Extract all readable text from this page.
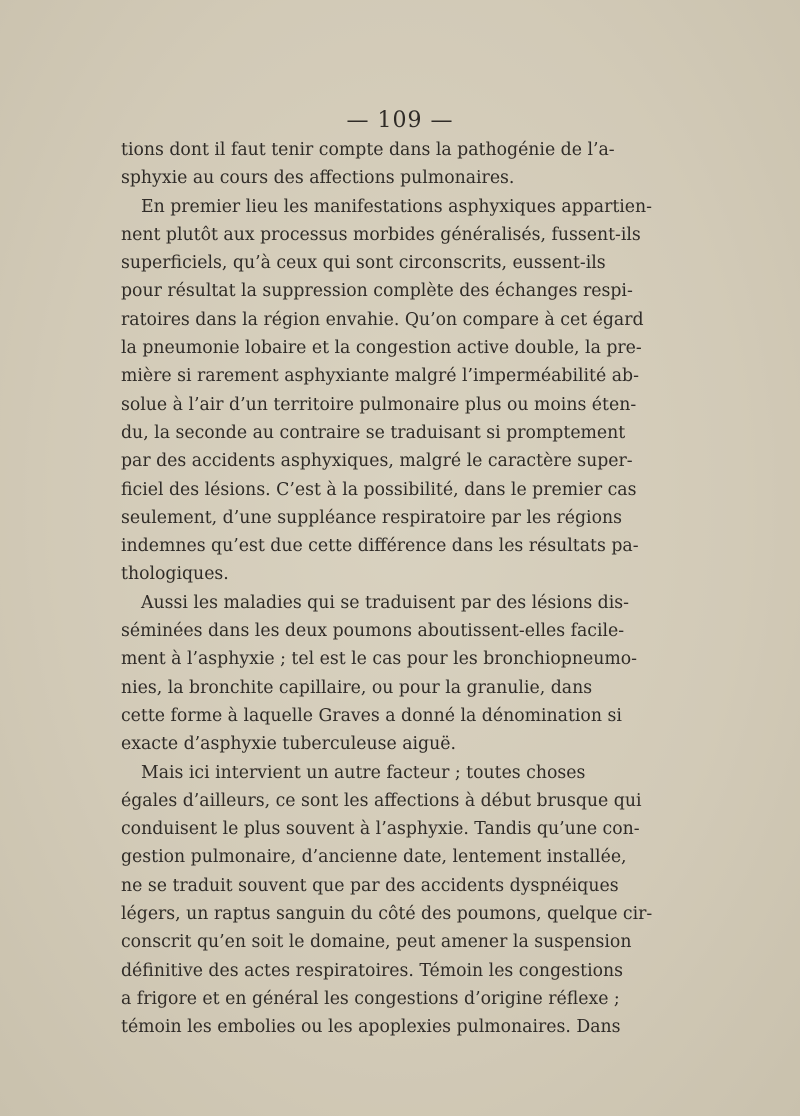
— 109 —
tions dont il faut tenir compte dans la pathogénie de l’a-
sphyxie au cours des affections pulmonaires.
En premier lieu les manifestations asphyxiques appartien-
nent plutôt aux processus morbides généralisés, fussent-ils
superficiels, qu’à ceux qui sont circonscrits, eussent-ils
pour résultat la suppression complète des échanges respi-
ratoires dans la région envahie. Qu’on compare à cet égard
la pneumonie lobaire et la congestion active double, la pre-
mière si rarement asphyxiante malgré l’imperméabilité ab-
solue à l’air d’un territoire pulmonaire plus ou moins éten-
du, la seconde au contraire se traduisant si promptement
par des accidents asphyxiques, malgré le caractère super-
ficiel des lésions. C’est à la possibilité, dans le premier cas
seulement, d’une suppléance respiratoire par les régions
indemnes qu’est due cette différence dans les résultats pa-
thologiques.
Aussi les maladies qui se traduisent par des lésions dis-
séminées dans les deux poumons aboutissent-elles facile-
ment à l’asphyxie ; tel est le cas pour les bronchiopneumo-
nies, la bronchite capillaire, ou pour la granulie, dans
cette forme à laquelle Graves a donné la dénomination si
exacte d’asphyxie tuberculeuse aiguë.
Mais ici intervient un autre facteur ; toutes choses
égales d’ailleurs, ce sont les affections à début brusque qui
conduisent le plus souvent à l’asphyxie. Tandis qu’une con-
gestion pulmonaire, d’ancienne date, lentement installée,
ne se traduit souvent que par des accidents dyspnéiques
légers, un raptus sanguin du côté des poumons, quelque cir-
conscrit qu’en soit le domaine, peut amener la suspension
définitive des actes respiratoires. Témoin les congestions
a frigore et en général les congestions d’origine réflexe ;
témoin les embolies ou les apoplexies pulmonaires. Dans
